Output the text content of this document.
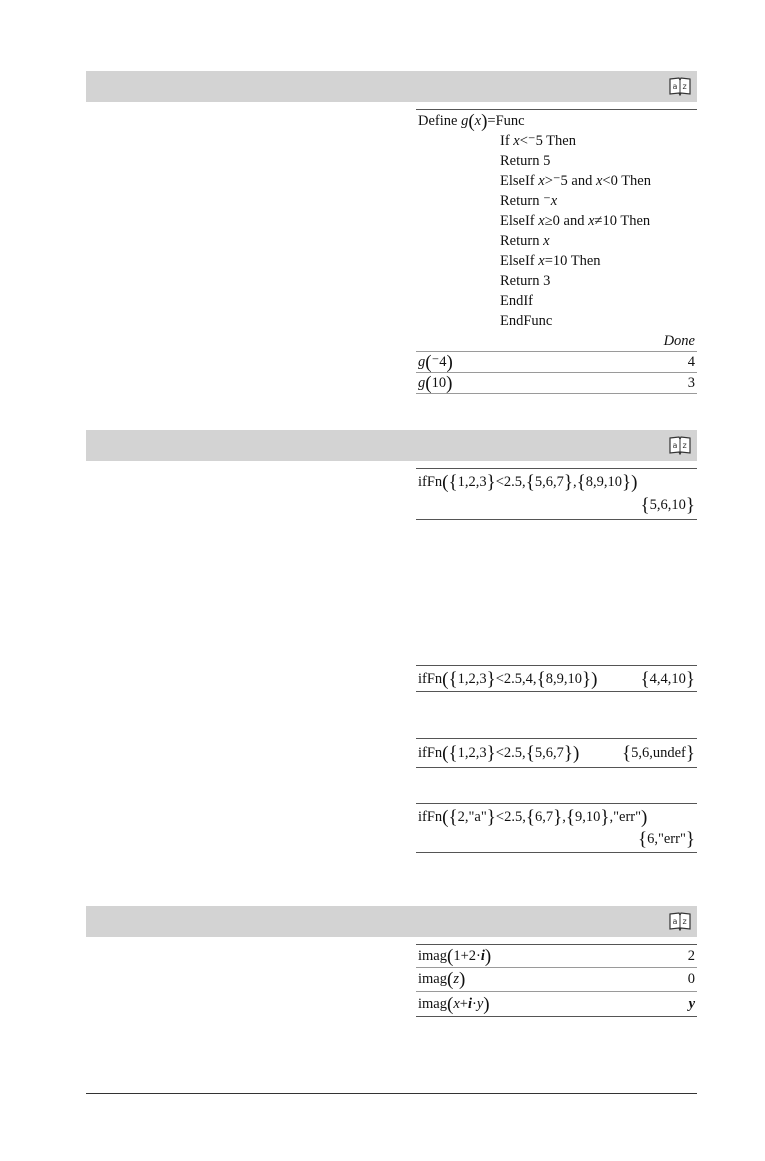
a z
Define g(x)=Func
If x<⁻5 Then
Return 5
ElseIf x>⁻5 and x<0 Then
Return ⁻x
ElseIf x≥0 and x≠10 Then
Return x
ElseIf x=10 Then
Return 3
EndIf
EndFunc
Done
g(⁻4)	4
g(10)	3
a z
ifFn({1,2,3}<2.5,{5,6,7},{8,9,10})
{5,6,10}
ifFn({1,2,3}<2.5,4,{8,9,10}) {4,4,10}
ifFn({1,2,3}<2.5,{5,6,7}) {5,6,undef}
ifFn({2,"a"}<2.5,{6,7},{9,10},"err")
{6,"err"}
a z
imag(1+2·i)	2
imag(z)	0
imag(x+i·y)	y
